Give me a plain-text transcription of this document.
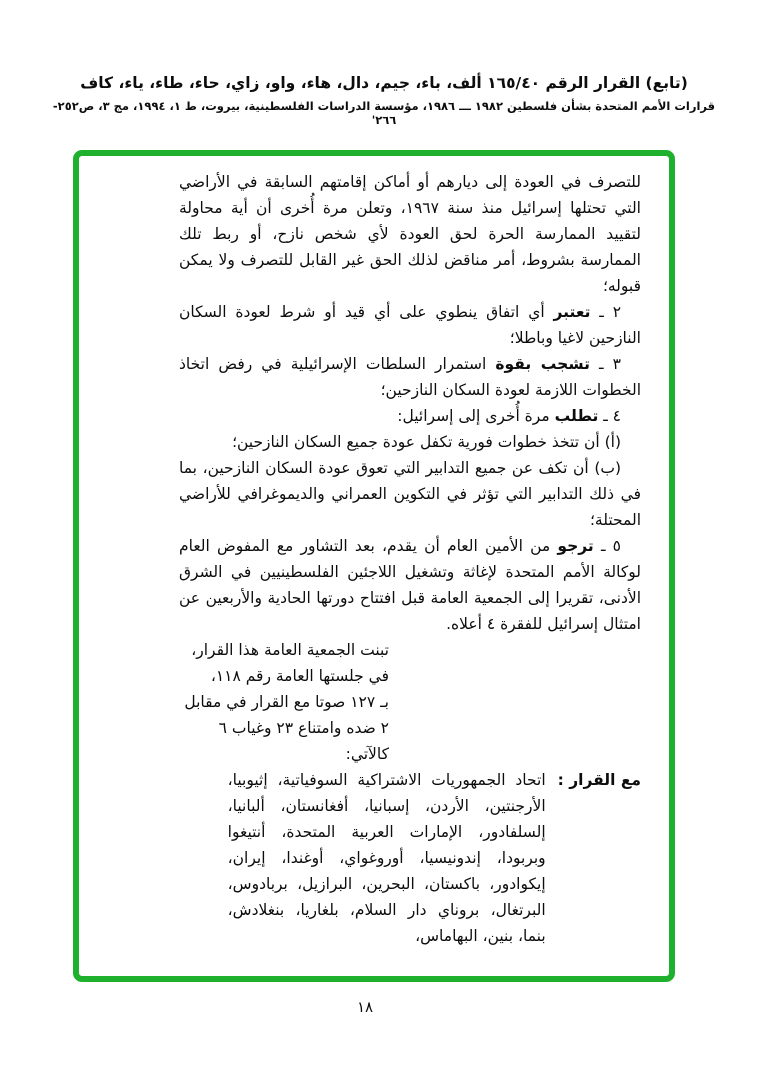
(تابع) القرار الرقم ١٦٥/٤٠ ألف، باء، جيم، دال، هاء، واو، زاي، حاء، طاء، ياء، كاف
قرارات الأمم المتحدة بشأن فلسطين ١٩٨٢ ـــ ١٩٨٦، مؤسسة الدراسات الفلسطينية، بيروت، ط ١، ١٩٩٤، مج ٣، ص٢٥٢- ٢٦٦'

للتصرف في العودة إلى ديارهم أو أماكن إقامتهم السابقة في الأراضي التي تحتلها إسرائيل منذ سنة ١٩٦٧، وتعلن مرة أُخرى أن أية محاولة لتقييد الممارسة الحرة لحق العودة لأي شخص نازح، أو ربط تلك الممارسة بشروط، أمر مناقض لذلك الحق غير القابل للتصرف ولا يمكن قبوله؛

٢ ـ تعتبر أي اتفاق ينطوي على أي قيد أو شرط لعودة السكان النازحين لاغيا وباطلا؛

٣ ـ تشجب بقوة استمرار السلطات الإسرائيلية في رفض اتخاذ الخطوات اللازمة لعودة السكان النازحين؛

٤ ـ تطلب مرة أُخرى إلى إسرائيل:

(أ) أن تتخذ خطوات فورية تكفل عودة جميع السكان النازحين؛

(ب) أن تكف عن جميع التدابير التي تعوق عودة السكان النازحين، بما في ذلك التدابير التي تؤثر في التكوين العمراني والديموغرافي للأراضي المحتلة؛

٥ ـ ترجو من الأمين العام أن يقدم، بعد التشاور مع المفوض العام لوكالة الأمم المتحدة لإغاثة وتشغيل اللاجئين الفلسطينيين في الشرق الأدنى، تقريرا إلى الجمعية العامة قبل افتتاح دورتها الحادية والأربعين عن امتثال إسرائيل للفقرة ٤ أعلاه.

تبنت الجمعية العامة هذا القرار،
في جلستها العامة رقم ١١٨،
بـ ١٢٧ صوتا مع القرار في مقابل
٢ ضده وامتناع ٢٣ وغياب ٦
كالآتي:
مع القرار :
اتحاد الجمهوريات الاشتراكية السوفياتية، إثيوبيا، الأرجنتين، الأردن، إسبانيا، أفغانستان، ألبانيا، إلسلفادور، الإمارات العربية المتحدة، أنتيغوا وبربودا، إندونيسيا، أوروغواي، أوغندا، إيران، إيكوادور، باكستان، البحرين، البرازيل، بربادوس، البرتغال، بروناي دار السلام، بلغاريا، بنغلادش، بنما، بنين، البهاماس،
١٨
